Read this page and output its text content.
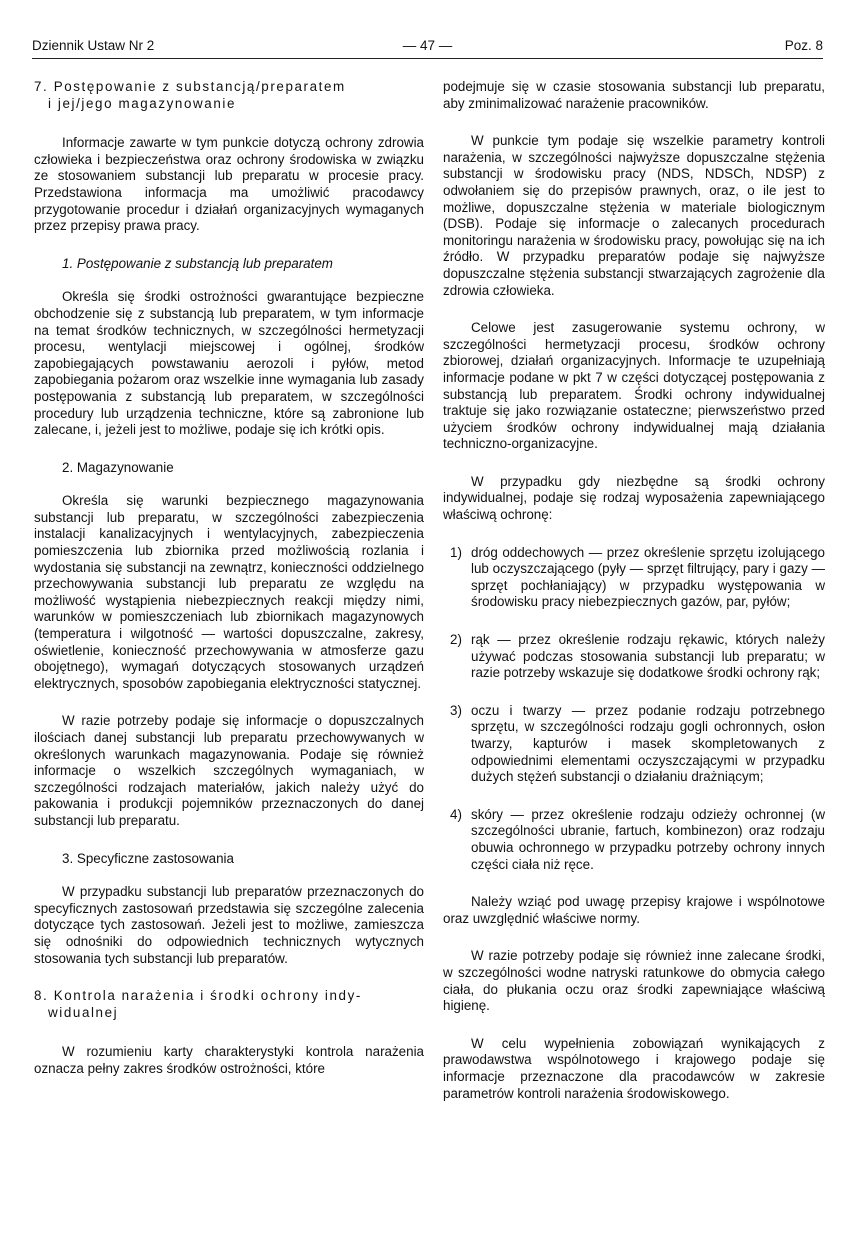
Dziennik Ustaw Nr 2	— 47 —	Poz. 8

7. Postępowanie z substancją/preparatem
i jej/jego magazynowanie

Informacje zawarte w tym punkcie dotyczą ochrony zdrowia człowieka i bezpieczeństwa oraz ochrony środowiska w związku ze stosowaniem substancji lub preparatu w procesie pracy. Przedstawiona informacja ma umożliwić pracodawcy przygotowanie procedur i działań organizacyjnych wymaganych przez przepisy prawa pracy.

1. Postępowanie z substancją lub preparatem

Określa się środki ostrożności gwarantujące bezpieczne obchodzenie się z substancją lub preparatem, w tym informacje na temat środków technicznych, w szczególności hermetyzacji procesu, wentylacji miejscowej i ogólnej, środków zapobiegających powstawaniu aerozoli i pyłów, metod zapobiegania pożarom oraz wszelkie inne wymagania lub zasady postępowania z substancją lub preparatem, w szczególności procedury lub urządzenia techniczne, które są zabronione lub zalecane, i, jeżeli jest to możliwe, podaje się ich krótki opis.

2. Magazynowanie

Określa się warunki bezpiecznego magazynowania substancji lub preparatu, w szczególności zabezpieczenia instalacji kanalizacyjnych i wentylacyjnych, zabezpieczenia pomieszczenia lub zbiornika przed możliwością rozlania i wydostania się substancji na zewnątrz, konieczności oddzielnego przechowywania substancji lub preparatu ze względu na możliwość wystąpienia niebezpiecznych reakcji między nimi, warunków w pomieszczeniach lub zbiornikach magazynowych (temperatura i wilgotność — wartości dopuszczalne, zakresy, oświetlenie, konieczność przechowywania w atmosferze gazu obojętnego), wymagań dotyczących stosowanych urządzeń elektrycznych, sposobów zapobiegania elektryczności statycznej.

W razie potrzeby podaje się informacje o dopuszczalnych ilościach danej substancji lub preparatu przechowywanych w określonych warunkach magazynowania. Podaje się również informacje o wszelkich szczególnych wymaganiach, w szczególności rodzajach materiałów, jakich należy użyć do pakowania i produkcji pojemników przeznaczonych do danej substancji lub preparatu.

3. Specyficzne zastosowania

W przypadku substancji lub preparatów przeznaczonych do specyficznych zastosowań przedstawia się szczególne zalecenia dotyczące tych zastosowań. Jeżeli jest to możliwe, zamieszcza się odnośniki do odpowiednich technicznych wytycznych stosowania tych substancji lub preparatów.

8. Kontrola narażenia i środki ochrony indy-
widualnej

W rozumieniu karty charakterystyki kontrola narażenia oznacza pełny zakres środków ostrożności, które

podejmuje się w czasie stosowania substancji lub preparatu, aby zminimalizować narażenie pracowników.

W punkcie tym podaje się wszelkie parametry kontroli narażenia, w szczególności najwyższe dopuszczalne stężenia substancji w środowisku pracy (NDS, NDSCh, NDSP) z odwołaniem się do przepisów prawnych, oraz, o ile jest to możliwe, dopuszczalne stężenia w materiale biologicznym (DSB). Podaje się informacje o zalecanych procedurach monitoringu narażenia w środowisku pracy, powołując się na ich źródło. W przypadku preparatów podaje się najwyższe dopuszczalne stężenia substancji stwarzających zagrożenie dla zdrowia człowieka.

Celowe jest zasugerowanie systemu ochrony, w szczególności hermetyzacji procesu, środków ochrony zbiorowej, działań organizacyjnych. Informacje te uzupełniają informacje podane w pkt 7 w części dotyczącej postępowania z substancją lub preparatem. Środki ochrony indywidualnej traktuje się jako rozwiązanie ostateczne; pierwszeństwo przed użyciem środków ochrony indywidualnej mają działania techniczno-organizacyjne.

W przypadku gdy niezbędne są środki ochrony indywidualnej, podaje się rodzaj wyposażenia zapewniającego właściwą ochronę:

1) dróg oddechowych — przez określenie sprzętu izolującego lub oczyszczającego (pyły — sprzęt filtrujący, pary i gazy — sprzęt pochłaniający) w przypadku występowania w środowisku pracy niebezpiecznych gazów, par, pyłów;
2) rąk — przez określenie rodzaju rękawic, których należy używać podczas stosowania substancji lub preparatu; w razie potrzeby wskazuje się dodatkowe środki ochrony rąk;
3) oczu i twarzy — przez podanie rodzaju potrzebnego sprzętu, w szczególności rodzaju gogli ochronnych, osłon twarzy, kapturów i masek skompletowanych z odpowiednimi elementami oczyszczającymi w przypadku dużych stężeń substancji o działaniu drażniącym;
4) skóry — przez określenie rodzaju odzieży ochronnej (w szczególności ubranie, fartuch, kombinezon) oraz rodzaju obuwia ochronnego w przypadku potrzeby ochrony innych części ciała niż ręce.

Należy wziąć pod uwagę przepisy krajowe i wspólnotowe oraz uwzględnić właściwe normy.

W razie potrzeby podaje się również inne zalecane środki, w szczególności wodne natryski ratunkowe do obmycia całego ciała, do płukania oczu oraz środki zapewniające właściwą higienę.

W celu wypełnienia zobowiązań wynikających z prawodawstwa wspólnotowego i krajowego podaje się informacje przeznaczone dla pracodawców w zakresie parametrów kontroli narażenia środowiskowego.
